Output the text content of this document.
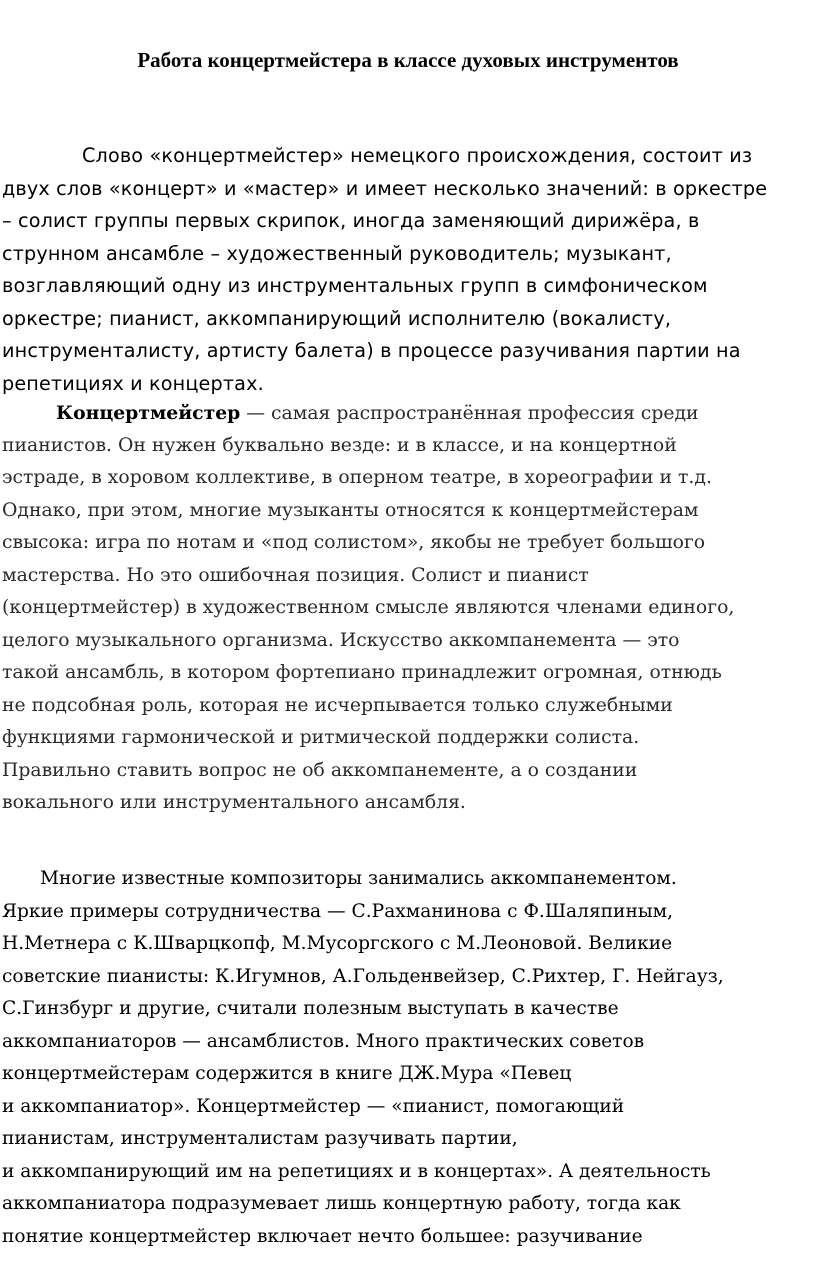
Работа концертмейстера в классе духовых инструментов
Слово «концертмейстер» немецкого происхождения, состоит из
двух слов «концерт» и «мастер» и имеет несколько значений: в оркестре
– солист группы первых скрипок, иногда заменяющий дирижёра, в
струнном ансамбле – художественный руководитель; музыкант,
возглавляющий одну из инструментальных групп в симфоническом
оркестре; пианист, аккомпанирующий исполнителю (вокалисту,
инструменталисту, артисту балета) в процессе разучивания партии на
репетициях и концертах.
Концертмейстер — самая распространённая профессия среди
пианистов. Он нужен буквально везде: и в классе, и на концертной
эстраде, в хоровом коллективе, в оперном театре, в хореографии и т.д.
Однако, при этом, многие музыканты относятся к концертмейстерам
свысока: игра по нотам и «под солистом», якобы не требует большого
мастерства. Но это ошибочная позиция. Солист и пианист
(концертмейстер) в художественном смысле являются членами единого,
целого музыкального организма. Искусство аккомпанемента — это
такой ансамбль, в котором фортепиано принадлежит огромная, отнюдь
не подсобная роль, которая не исчерпывается только служебными
функциями гармонической и ритмической поддержки солиста.
Правильно ставить вопрос не об аккомпанементе, а о создании
вокального или инструментального ансамбля.
Многие известные композиторы занимались аккомпанементом.
Яркие примеры сотрудничества — С.Рахманинова с Ф.Шаляпиным,
Н.Метнера с К.Шварцкопф, М.Мусоргского с М.Леоновой. Великие
советские пианисты: К.Игумнов, А.Гольденвейзер, С.Рихтер, Г. Нейгауз,
С.Гинзбург и другие, считали полезным выступать в качестве
аккомпаниаторов — ансамблистов. Много практических советов
концертмейстерам содержится в книге ДЖ.Мура «Певец
и аккомпаниатор». Концертмейстер — «пианист, помогающий
пианистам, инструменталистам разучивать партии,
и аккомпанирующий им на репетициях и в концертах». А деятельность
аккомпаниатора подразумевает лишь концертную работу, тогда как
понятие концертмейстер включает нечто большее: разучивание
